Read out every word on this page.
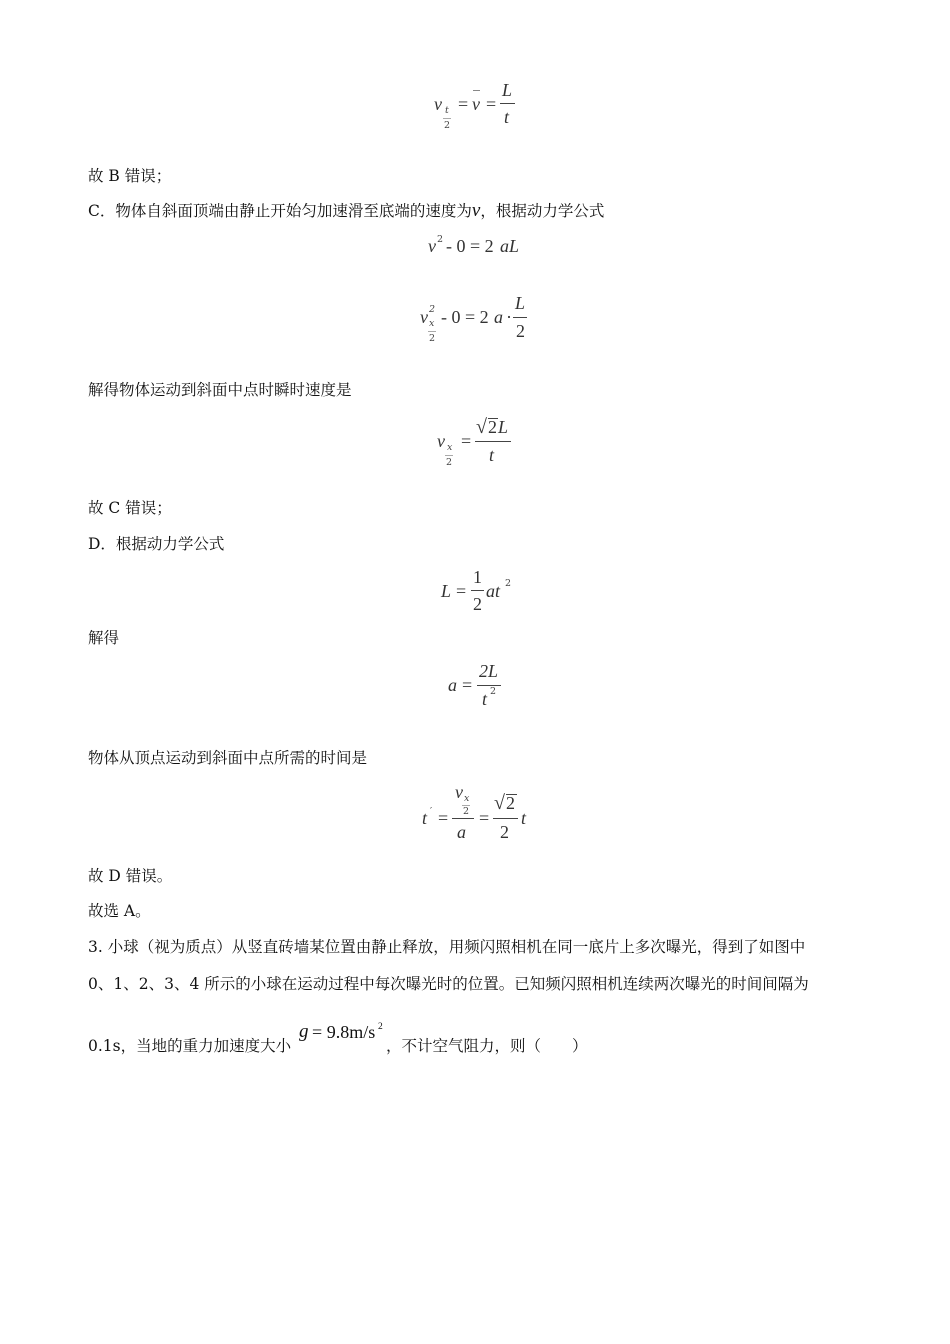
v t
2
= v =
L
t
故 B 错误；
C．物体自斜面顶端由静止开始匀加速滑至底端的速度为v，根据动力学公式
v 2 - 0 = 2 aL
v 2
x
2
- 0 = 2 a ·
L
2
解得物体运动到斜面中点时瞬时速度是
v x
2
=
√ 2 L
t
故 C 错误；
D．根据动力学公式
L =
1
2
at 2
解得
a =
2L
t 2
物体从顶点运动到斜面中点所需的时间是
t ′ =
v x
2
a
=
√ 2
2
t
故 D 错误。
故选 A。
3. 小球（视为质点）从竖直砖墙某位置由静止释放，用频闪照相机在同一底片上多次曝光，得到了如图中
0、1、2、3、4 所示的小球在运动过程中每次曝光时的位置。已知频闪照相机连续两次曝光的时间间隔为
0.1s，当地的重力加速度大小
g = 9.8m/s 2
，不计空气阻力，则（　　）
